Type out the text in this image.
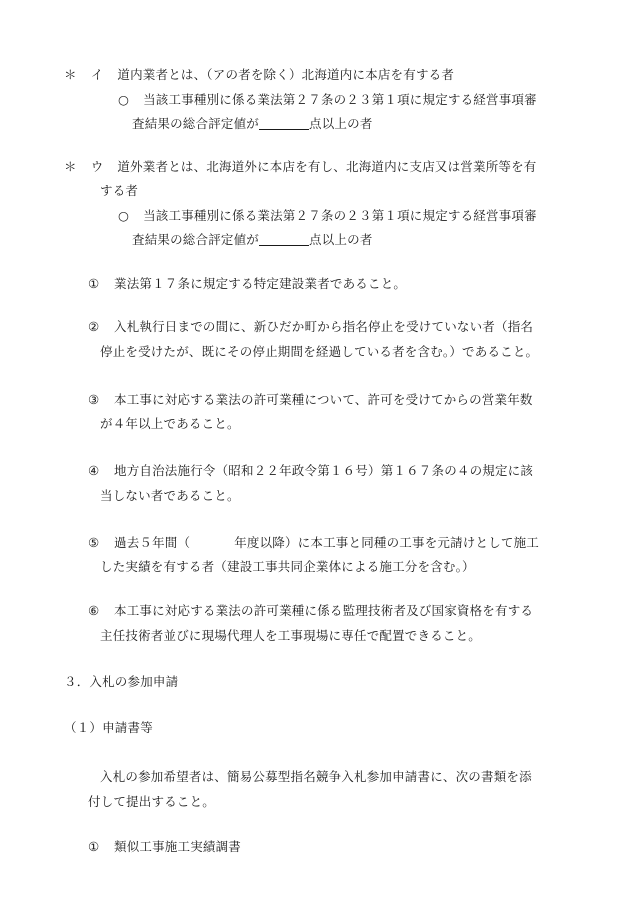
＊ イ 道内業者とは、（アの者を除く）北海道内に本店を有する者
○ 当該工事種別に係る業法第２７条の２３第１項に規定する経営事項審
査結果の総合評定値が	点以上の者
＊ ウ 道外業者とは、北海道外に本店を有し、北海道内に支店又は営業所等を有
する者
○ 当該工事種別に係る業法第２７条の２３第１項に規定する経営事項審
査結果の総合評定値が	点以上の者
① 業法第１７条に規定する特定建設業者であること。
② 入札執行日までの間に、新ひだか町から指名停止を受けていない者（指名
停止を受けたが、既にその停止期間を経過している者を含む。）であること。
③ 本工事に対応する業法の許可業種について、許可を受けてからの営業年数
が４年以上であること。
④ 地方自治法施行令（昭和２２年政令第１６号）第１６７条の４の規定に該
当しない者であること。
⑤ 過去５年間（	年度以降）に本工事と同種の工事を元請けとして施工
した実績を有する者（建設工事共同企業体による施工分を含む。）
⑥ 本工事に対応する業法の許可業種に係る監理技術者及び国家資格を有する
主任技術者並びに現場代理人を工事現場に専任で配置できること。
３．入札の参加申請
（１）申請書等
入札の参加希望者は、簡易公募型指名競争入札参加申請書に、次の書類を添
付して提出すること。
① 類似工事施工実績調書
